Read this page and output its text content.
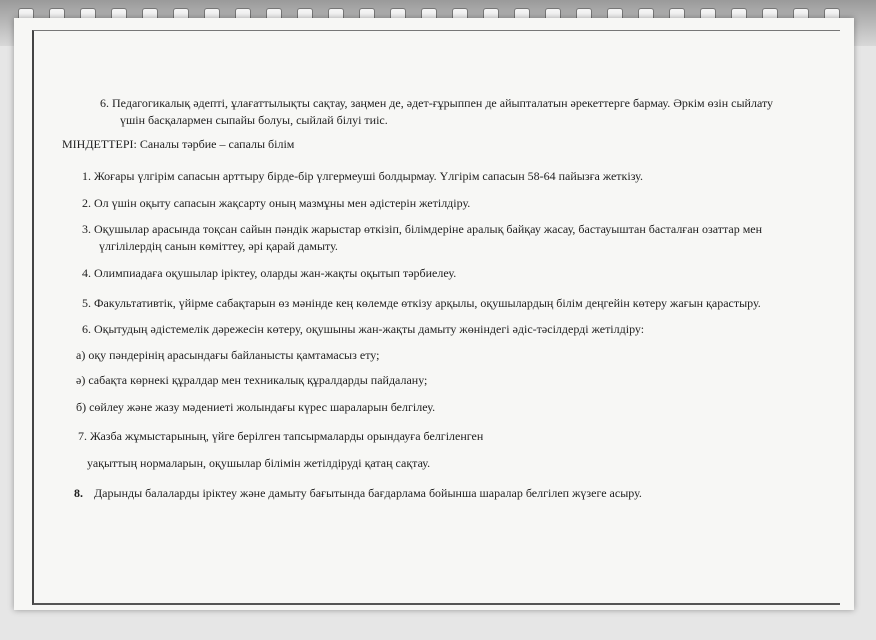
6. Педагогикалық әдепті, ұлағаттылықты сақтау, заңмен де, әдет-ғұрыппен де айыпталатын әрекеттерге бармау. Әркім өзін сыйлату
үшін басқалармен сыпайы болуы, сыйлай білуі тиіс.
МІНДЕТТЕРІ: Саналы тәрбие – сапалы білім
1. Жоғары үлгірім сапасын арттыру бірде-бір үлгермеуші болдырмау. Үлгірім сапасын 58-64 пайызға жеткізу.
2. Ол үшін оқыту сапасын жақсарту оның мазмұны мен әдістерін жетілдіру.
3. Оқушылар арасында тоқсан сайын пәндік жарыстар өткізіп, білімдеріне аралық байқау жасау, бастауыштан басталған озаттар мен
үлгілілердің санын көміттеу, әрі қарай дамыту.
4. Олимпиадаға оқушылар іріктеу, оларды жан-жақты оқытып тәрбиелеу.
5. Факультативтік, үйірме сабақтарын өз мәнінде кең көлемде өткізу арқылы, оқушылардың білім деңгейін көтеру жағын қарастыру.
6. Оқытудың әдістемелік дәрежесін көтеру, оқушыны жан-жақты дамыту жөніндегі әдіс-тәсілдерді жетілдіру:
а) оқу пәндерінің арасындағы байланысты қамтамасыз ету;
ә) сабақта көрнекі құралдар мен техникалық құралдарды пайдалану;
б) сөйлеу және жазу мәдениеті жолындағы күрес шараларын белгілеу.
7. Жазба жұмыстарының, үйге берілген тапсырмаларды орындауға белгіленген
уақыттың нормаларын, оқушылар білімін жетілдіруді қатаң сақтау.
8. Дарынды балаларды іріктеу және дамыту бағытында бағдарлама бойынша шаралар белгілеп жүзеге асыру.
